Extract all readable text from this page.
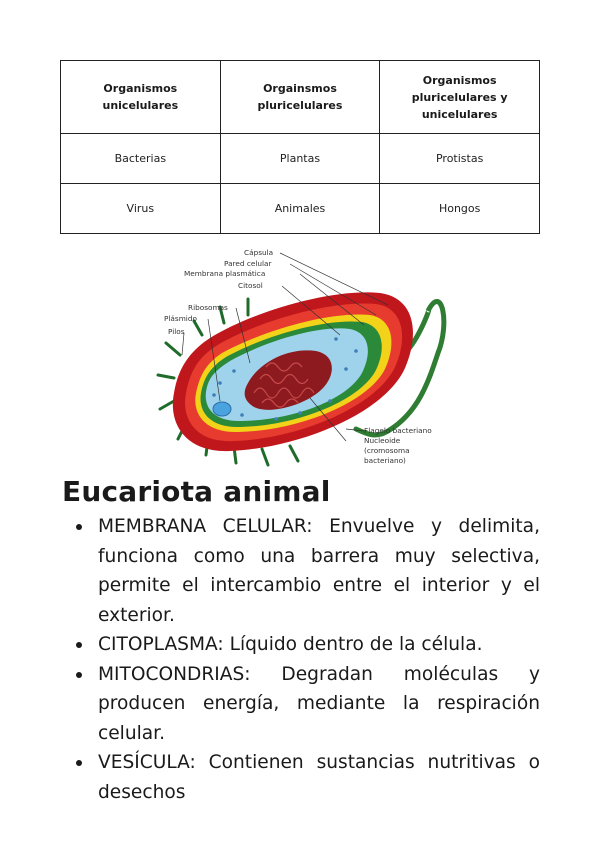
Organismos unicelulares	Orgainsmos pluricelulares	Organismos pluricelulares y unicelulares
Bacterias	Plantas	Protistas
Virus	Animales	Hongos
Cápsula
Pared celular
Membrana plasmática
Citosol
Ribosomas
Plásmido
Pilos
Flagelo bacteriano
Nucleoide
(cromosoma
bacteriano)
Eucariota animal
MEMBRANA CELULAR: Envuelve y delimita, funciona como una barrera muy selectiva, permite el intercambio entre el interior y el exterior.
CITOPLASMA: Líquido dentro de la célula.
MITOCONDRIAS: Degradan moléculas y producen energía, mediante la respiración celular.
VESÍCULA: Contienen sustancias nutritivas o desechos
